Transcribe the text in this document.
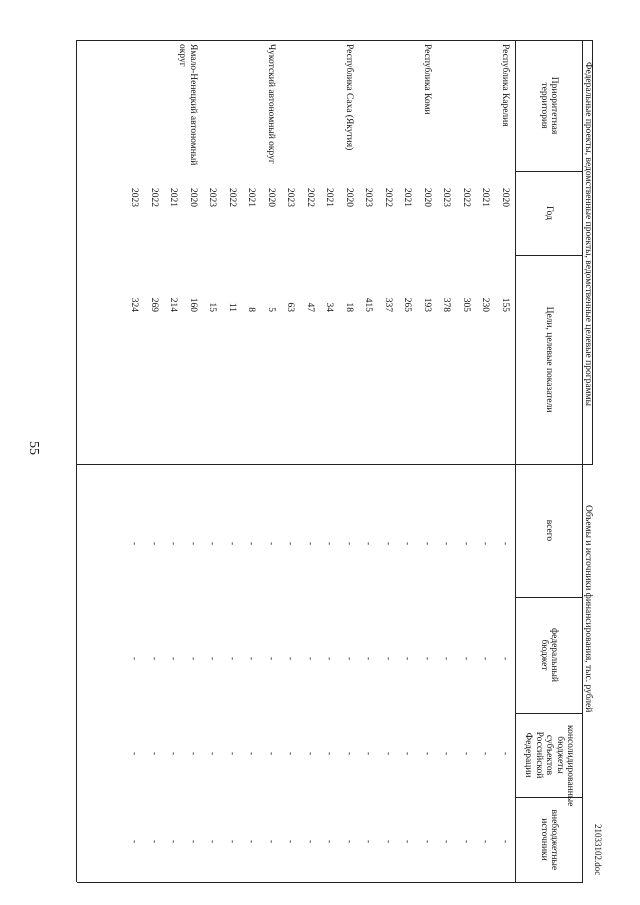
55
21033102.doc
Федеральные проекты, ведомственные проекты, ведомственные целевые программы
Объемы и источники финансирования, тыс. рублей
Приоритетная территория
Год
Цели, целевые показатели
всего
федеральный бюджет
консолидированные бюджеты субъектов Российской Федерации
внебюджетные источники
Республика Карелия
2020
155
-
-
-
-
2021
230
-
-
-
-
2022
305
-
-
-
-
2023
378
-
-
-
-
Республика Коми
2020
193
-
-
-
-
2021
265
-
-
-
-
2022
337
-
-
-
-
2023
415
-
-
-
-
Республика Саха (Якутия)
2020
18
-
-
-
-
2021
34
-
-
-
-
2022
47
-
-
-
-
2023
63
-
-
-
-
Чукотский автономный округ
2020
5
-
-
-
-
2021
8
-
-
-
-
2022
11
-
-
-
-
2023
15
-
-
-
-
Ямало-Ненецкий автономный округ
2020
160
-
-
-
-
2021
214
-
-
-
-
2022
269
-
-
-
-
2023
324
-
-
-
-
